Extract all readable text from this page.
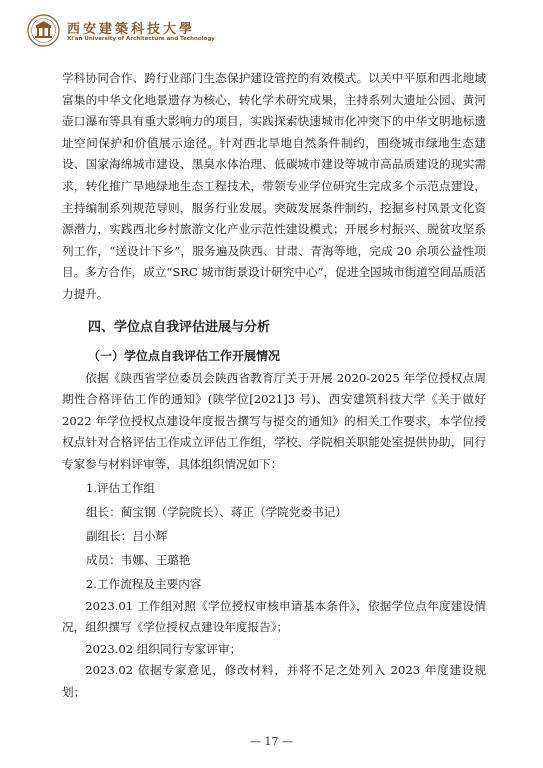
西安建築科技大學
Xi'an University of Architecture and Technology

学科协同合作、跨行业部门生态保护建设管控的有效模式。以关中平原和西北地域富集的中华文化地景遗存为核心，转化学术研究成果，主持系列大遗址公园、黄河壶口瀑布等具有重大影响力的项目，实践探索快速城市化冲突下的中华文明地标遗址空间保护和价值展示途径。针对西北旱地自然条件制约，围绕城市绿地生态建设、国家海绵城市建设、黑臭水体治理、低碳城市建设等城市高品质建设的现实需求，转化推广旱地绿地生态工程技术，带领专业学位研究生完成多个示范点建设，主持编制系列规范导则，服务行业发展。突破发展条件制约，挖掘乡村风景文化资源潜力，实践西北乡村旅游文化产业示范性建设模式；开展乡村振兴、脱贫攻坚系列工作，“送设计下乡”，服务遍及陕西、甘肃、青海等地，完成 20 余项公益性项目。多方合作，成立“SRC 城市街景设计研究中心”，促进全国城市街道空间品质活力提升。

四、学位点自我评估进展与分析
（一）学位点自我评估工作开展情况

依据《陕西省学位委员会陕西省教育厅关于开展 2020-2025 年学位授权点周期性合格评估工作的通知》(陕学位[2021]3 号)、西安建筑科技大学《关于做好 2022 年学位授权点建设年度报告撰写与提交的通知》的相关工作要求，本学位授权点针对合格评估工作成立评估工作组，学校、学院相关职能处室提供协助，同行专家参与材料评审等，具体组织情况如下：

1.评估工作组

组长：蔺宝钢（学院院长）、蒋正（学院党委书记）

副组长：吕小辉

成员：韦娜、王璐艳

2.工作流程及主要内容

2023.01 工作组对照《学位授权审核申请基本条件》，依据学位点年度建设情况，组织撰写《学位授权点建设年度报告》；

2023.02 组织同行专家评审；

2023.02 依据专家意见，修改材料，并将不足之处列入 2023 年度建设规划；

— 17 —
